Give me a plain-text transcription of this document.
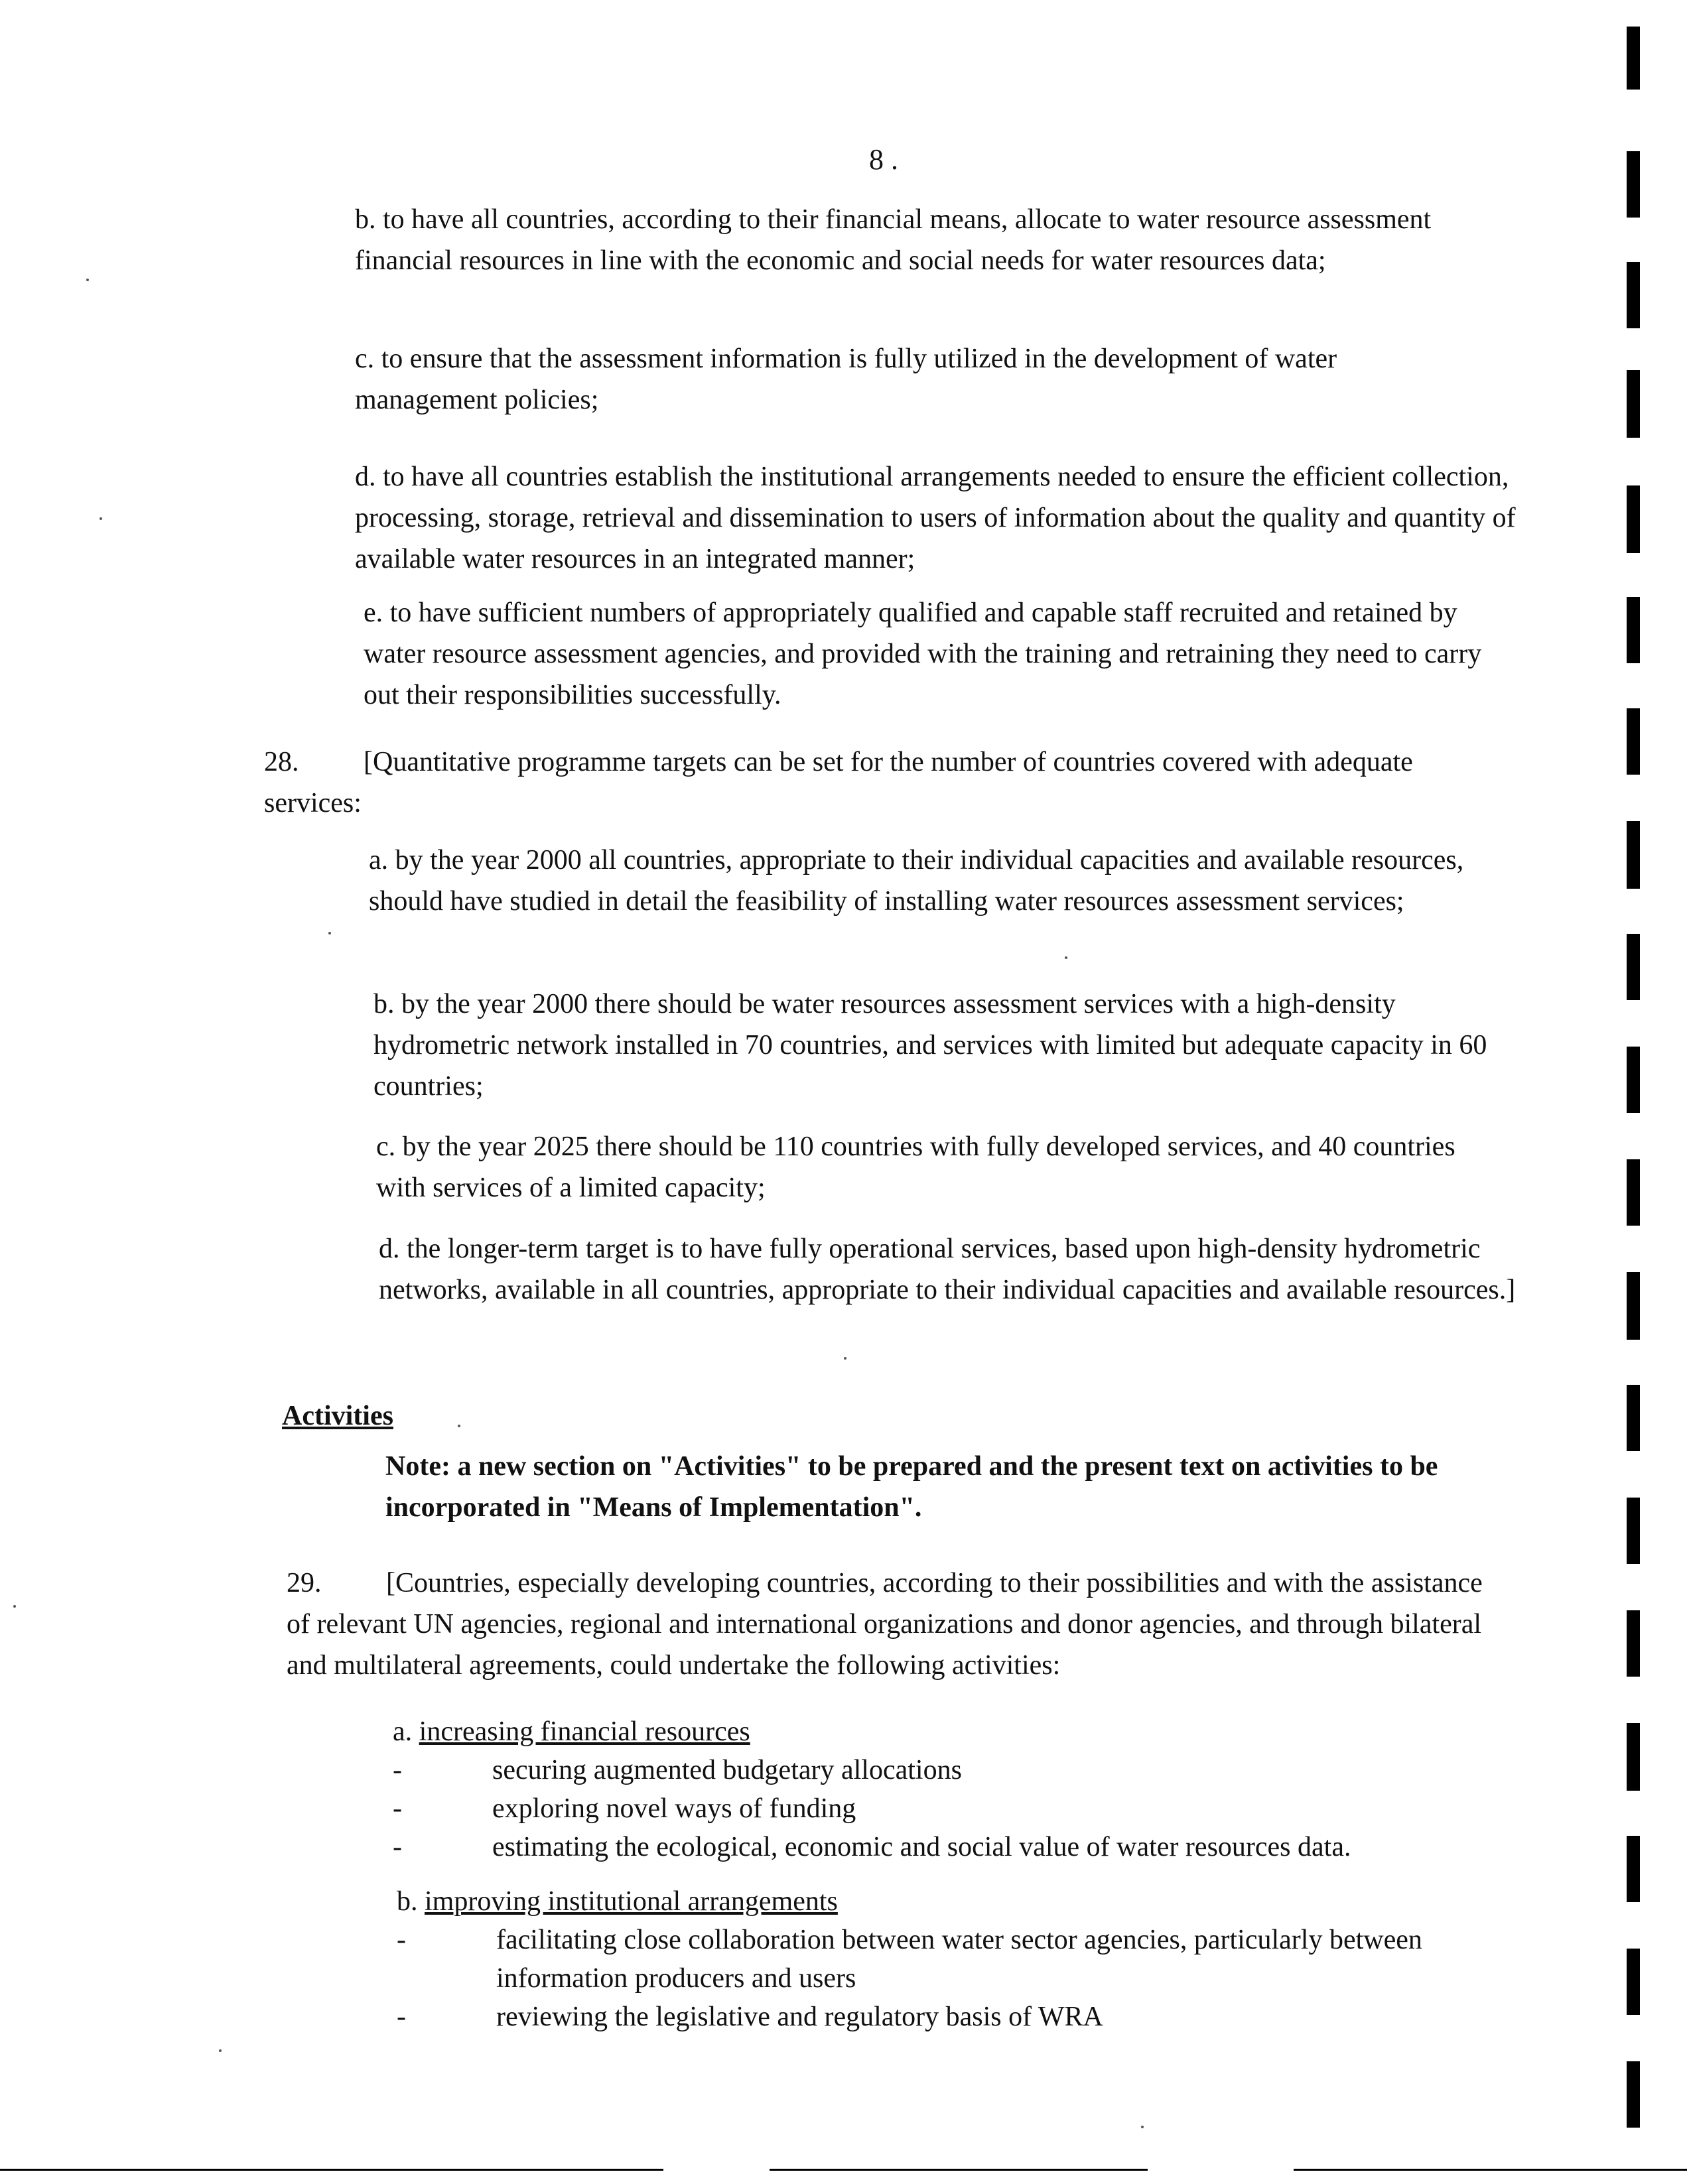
8 .
b. to have all countries, according to their financial means, allocate to water resource assessment financial resources in line with the economic and social needs for water resources data;
c. to ensure that the assessment information is fully utilized in the development of water management policies;
d. to have all countries establish the institutional arrangements needed to ensure the efficient collection, processing, storage, retrieval and dissemination to users of information about the quality and quantity of available water resources in an integrated manner;
e. to have sufficient numbers of appropriately qualified and capable staff recruited and retained by water resource assessment agencies, and provided with the training and retraining they need to carry out their responsibilities successfully.
28. [Quantitative programme targets can be set for the number of countries covered with adequate services:
a. by the year 2000 all countries, appropriate to their individual capacities and available resources, should have studied in detail the feasibility of installing water resources assessment services;
b. by the year 2000 there should be water resources assessment services with a high-density hydrometric network installed in 70 countries, and services with limited but adequate capacity in 60 countries;
c. by the year 2025 there should be 110 countries with fully developed services, and 40 countries with services of a limited capacity;
d. the longer-term target is to have fully operational services, based upon high-density hydrometric networks, available in all countries, appropriate to their individual capacities and available resources.]
Activities
Note: a new section on "Activities" to be prepared and the present text on activities to be incorporated in "Means of Implementation".
29. [Countries, especially developing countries, according to their possibilities and with the assistance of relevant UN agencies, regional and international organizations and donor agencies, and through bilateral and multilateral agreements, could undertake the following activities:
a. increasing financial resources
-	securing augmented budgetary allocations
-	exploring novel ways of funding
-	estimating the ecological, economic and social value of water resources data.
b. improving institutional arrangements
-	facilitating close collaboration between water sector agencies, particularly between information producers and users
-	reviewing the legislative and regulatory basis of WRA
